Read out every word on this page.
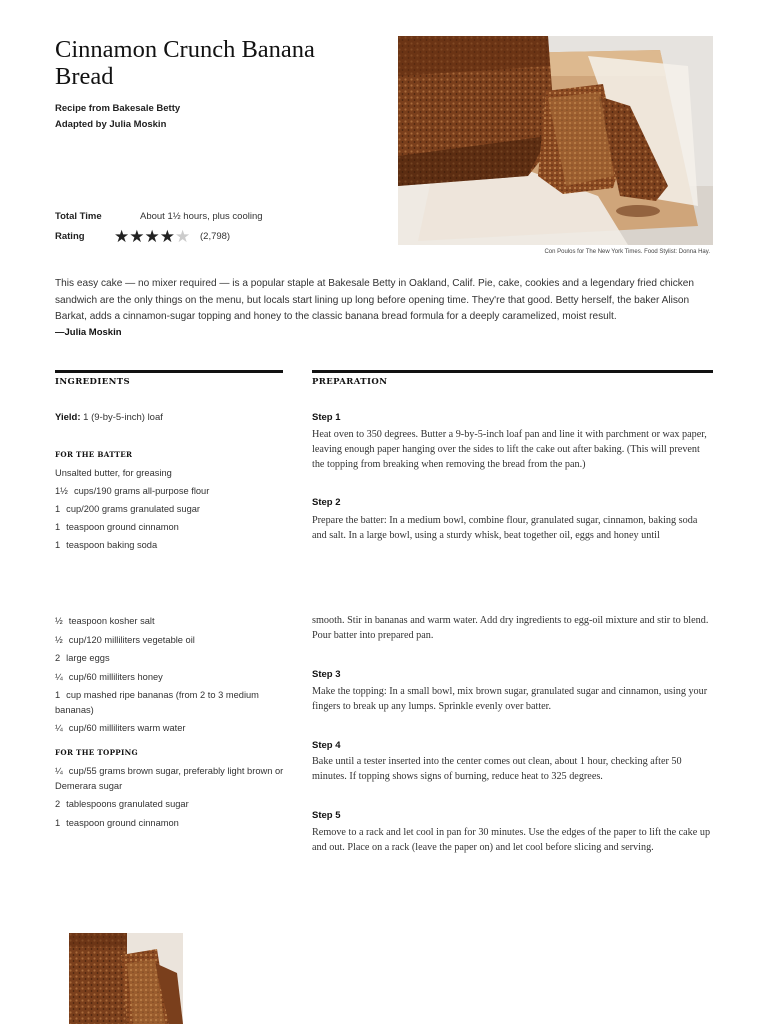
Cinnamon Crunch Banana Bread
Recipe from Bakesale Betty
Adapted by Julia Moskin
Total Time	About 1½ hours, plus cooling
Rating ★★★★★ (2,798)
Con Poulos for The New York Times. Food Stylist: Donna Hay.

This easy cake — no mixer required — is a popular staple at Bakesale Betty in Oakland, Calif. Pie, cake, cookies and a legendary fried chicken sandwich are the only things on the menu, but locals start lining up long before opening time. They're that good. Betty herself, the baker Alison Barkat, adds a cinnamon-sugar topping and honey to the classic banana bread formula for a deeply caramelized, moist result.

—Julia Moskin
INGREDIENTS
Yield: 1 (9-by-5-inch) loaf
FOR THE BATTER
Unsalted butter, for greasing
1½ cups/190 grams all-purpose flour
1 cup/200 grams granulated sugar
1 teaspoon ground cinnamon
1 teaspoon baking soda
½ teaspoon kosher salt
½ cup/120 milliliters vegetable oil
2 large eggs
¼ cup/60 milliliters honey
1 cup mashed ripe bananas (from 2 to 3 medium bananas)
¼ cup/60 milliliters warm water
FOR THE TOPPING
¼ cup/55 grams brown sugar, preferably light brown or Demerara sugar
2 tablespoons granulated sugar
1 teaspoon ground cinnamon
PREPARATION
Step 1

Heat oven to 350 degrees. Butter a 9-by-5-inch loaf pan and line it with parchment or wax paper, leaving enough paper hanging over the sides to lift the cake out after baking. (This will prevent the topping from breaking when removing the bread from the pan.)

Step 2

Prepare the batter: In a medium bowl, combine flour, granulated sugar, cinnamon, baking soda and salt. In a large bowl, using a sturdy whisk, beat together oil, eggs and honey until

smooth. Stir in bananas and warm water. Add dry ingredients to egg-oil mixture and stir to blend. Pour batter into prepared pan.

Step 3

Make the topping: In a small bowl, mix brown sugar, granulated sugar and cinnamon, using your fingers to break up any lumps. Sprinkle evenly over batter.

Step 4

Bake until a tester inserted into the center comes out clean, about 1 hour, checking after 50 minutes. If topping shows signs of burning, reduce heat to 325 degrees.

Step 5

Remove to a rack and let cool in pan for 30 minutes. Use the edges of the paper to lift the cake up and out. Place on a rack (leave the paper on) and let cool before slicing and serving.
